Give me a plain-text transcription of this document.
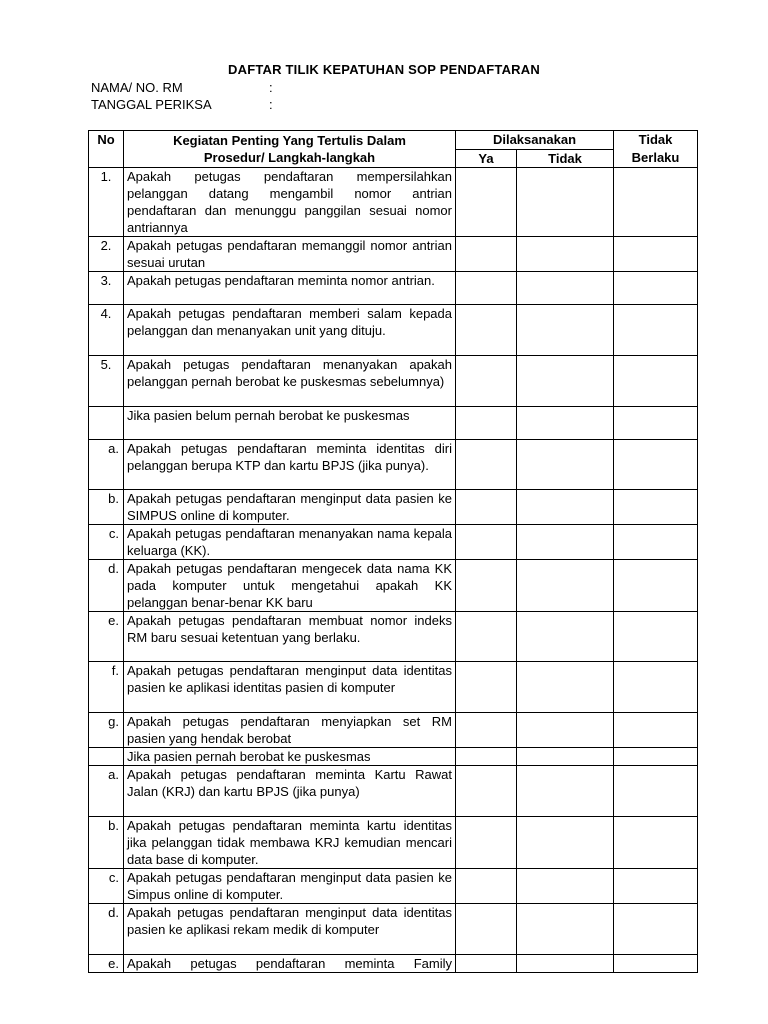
DAFTAR TILIK KEPATUHAN SOP PENDAFTARAN
NAMA/ NO. RM	:
TANGGAL PERIKSA	:
No	Kegiatan Penting Yang Tertulis Dalam Prosedur/ Langkah-langkah	Dilaksanakan		Tidak Berlaku
		Ya	Tidak	
1.	Apakah petugas pendaftaran mempersilahkan pelanggan datang mengambil nomor antrian pendaftaran dan menunggu panggilan sesuai nomor antriannya			
2.	Apakah petugas pendaftaran memanggil nomor antrian sesuai urutan			
3.	Apakah petugas pendaftaran meminta nomor antrian.			
4.	Apakah petugas pendaftaran memberi salam kepada pelanggan dan menanyakan unit yang dituju.			
5.	Apakah petugas pendaftaran menanyakan apakah pelanggan pernah berobat ke puskesmas sebelumnya)			
	Jika pasien belum pernah berobat ke puskesmas			
a.	Apakah petugas pendaftaran meminta identitas diri pelanggan berupa KTP dan kartu BPJS (jika punya).			
b.	Apakah petugas pendaftaran menginput data pasien ke SIMPUS online di komputer.			
c.	Apakah petugas pendaftaran menanyakan nama kepala keluarga (KK).			
d.	Apakah petugas pendaftaran mengecek data nama KK pada komputer untuk mengetahui apakah KK pelanggan benar-benar KK baru			
e.	Apakah petugas pendaftaran membuat nomor indeks RM baru sesuai ketentuan yang berlaku.			
f.	Apakah petugas pendaftaran menginput data identitas pasien ke aplikasi identitas pasien di komputer			
g.	Apakah petugas pendaftaran menyiapkan set RM pasien yang hendak berobat			
	Jika pasien pernah berobat ke puskesmas			
a.	Apakah petugas pendaftaran meminta Kartu Rawat Jalan (KRJ) dan kartu BPJS (jika punya)			
b.	Apakah petugas pendaftaran meminta kartu identitas jika pelanggan tidak membawa KRJ kemudian mencari data base di komputer.			
c.	Apakah petugas pendaftaran menginput data pasien ke Simpus online di komputer.			
d.	Apakah petugas pendaftaran menginput data identitas pasien ke aplikasi rekam medik di komputer			
e.	Apakah petugas pendaftaran meminta Family			
